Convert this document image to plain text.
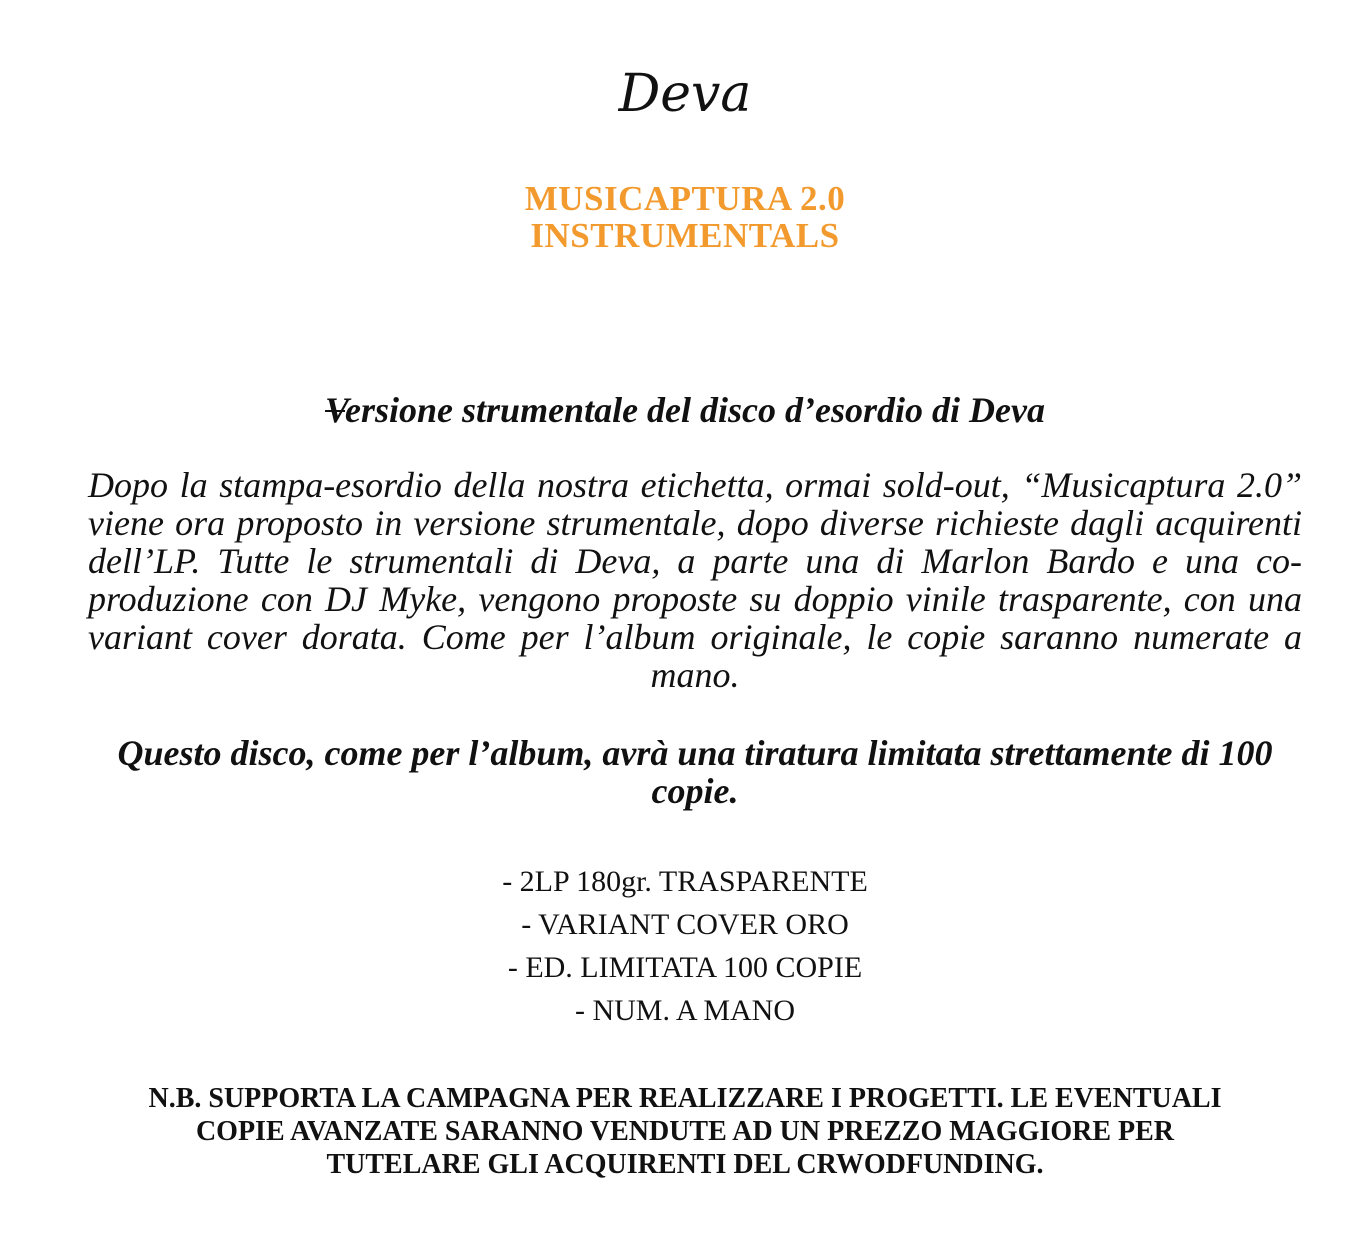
Deva
MUSICAPTURA 2.0
INSTRUMENTALS
Versione strumentale del disco d’esordio di Deva
Dopo la stampa-esordio della nostra etichetta, ormai sold-out, “Musicaptura 2.0” viene ora proposto in versione strumentale, dopo diverse richieste dagli acquirenti dell’LP. Tutte le strumentali di Deva, a parte una di Marlon Bardo e una co-produzione con DJ Myke, vengono proposte su doppio vinile trasparente, con una variant cover dorata. Come per l’album originale, le copie saranno numerate a mano.
Questo disco, come per l’album, avrà una tiratura limitata strettamente di 100 copie.
- 2LP 180gr. TRASPARENTE
- VARIANT COVER ORO
- ED. LIMITATA 100 COPIE
- NUM. A MANO
N.B. SUPPORTA LA CAMPAGNA PER REALIZZARE I PROGETTI. LE EVENTUALI COPIE AVANZATE SARANNO VENDUTE AD UN PREZZO MAGGIORE PER TUTELARE GLI ACQUIRENTI DEL CRWODFUNDING.
